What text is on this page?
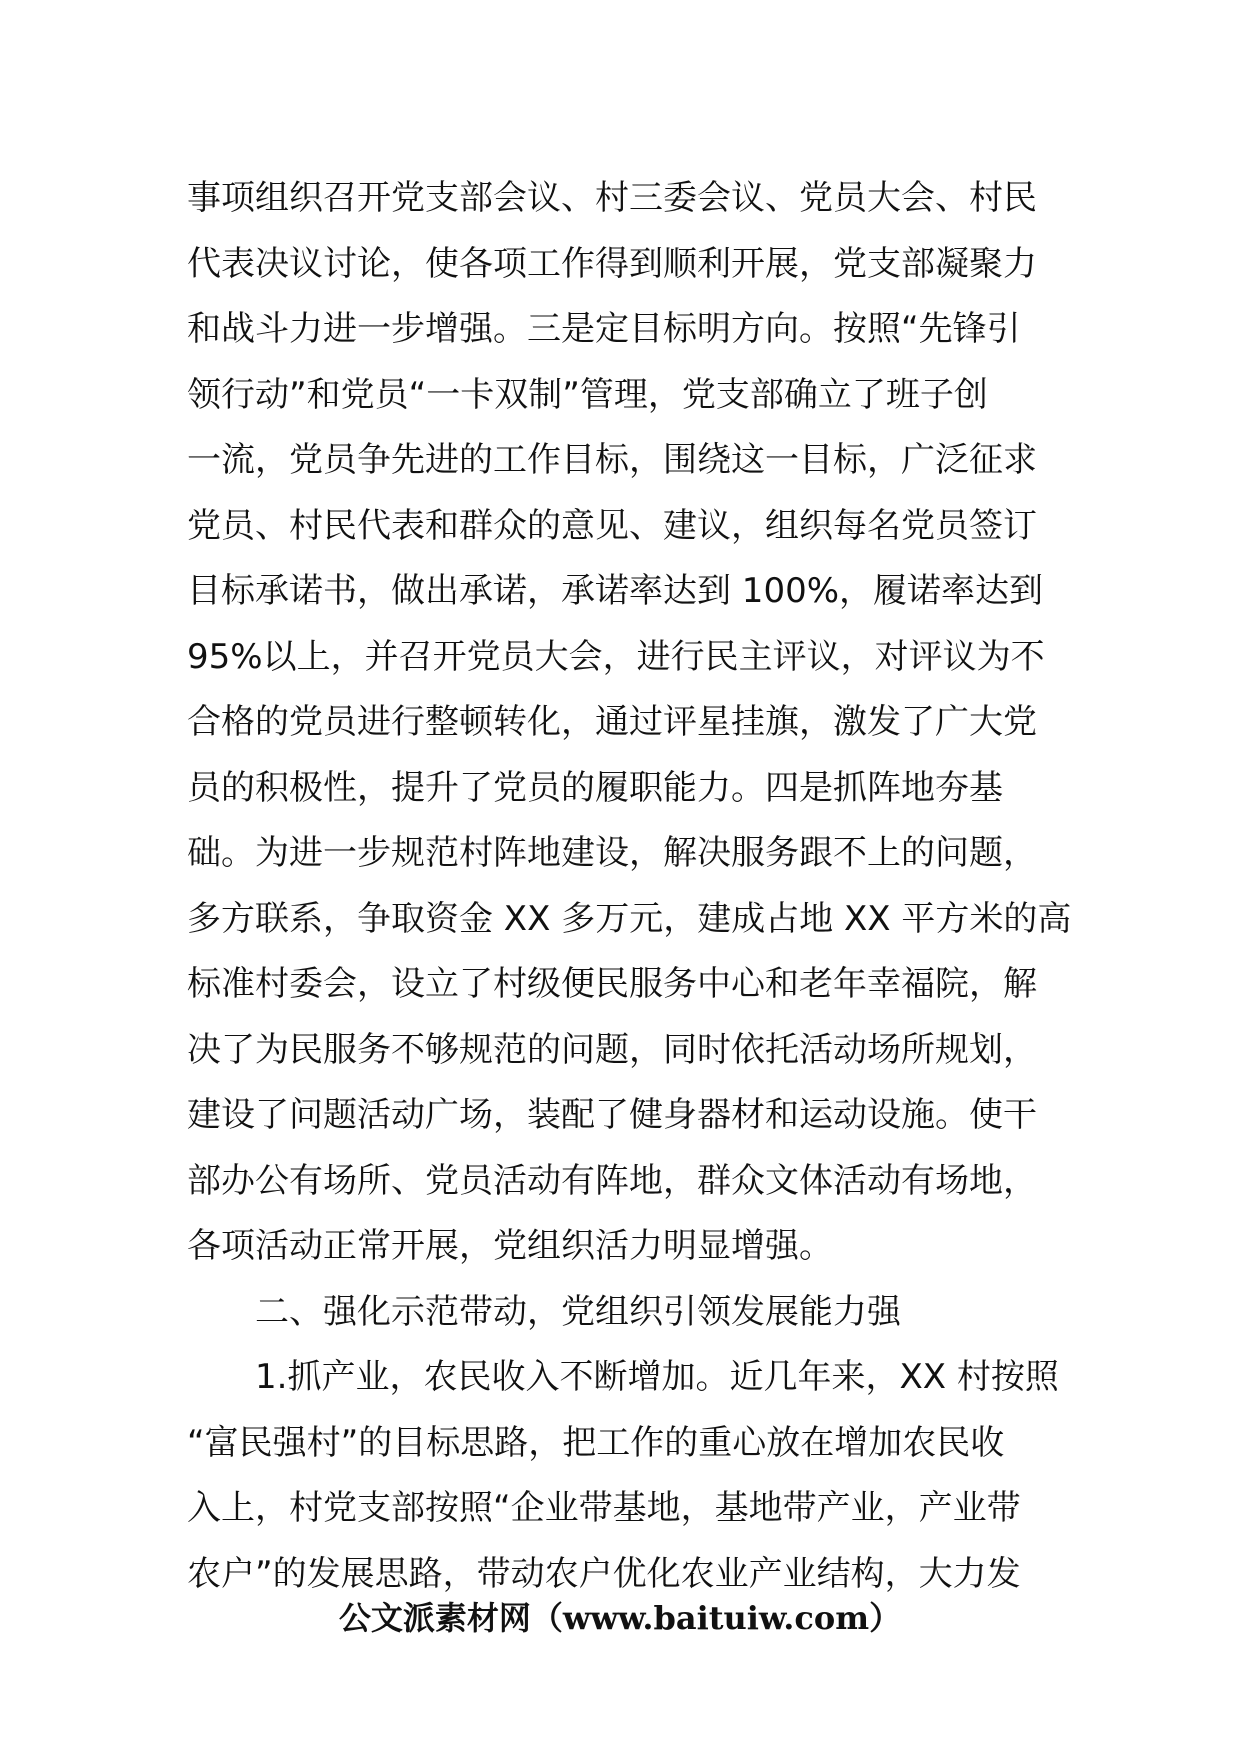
事项组织召开党支部会议、村三委会议、党员大会、村民
代表决议讨论，使各项工作得到顺利开展，党支部凝聚力
和战斗力进一步增强。三是定目标明方向。按照“先锋引
领行动”和党员“一卡双制”管理，党支部确立了班子创
一流，党员争先进的工作目标，围绕这一目标，广泛征求
党员、村民代表和群众的意见、建议，组织每名党员签订
目标承诺书，做出承诺，承诺率达到 100%，履诺率达到
95%以上，并召开党员大会，进行民主评议，对评议为不
合格的党员进行整顿转化，通过评星挂旗，激发了广大党
员的积极性，提升了党员的履职能力。四是抓阵地夯基
础。为进一步规范村阵地建设，解决服务跟不上的问题，
多方联系，争取资金 XX 多万元，建成占地 XX 平方米的高
标准村委会，设立了村级便民服务中心和老年幸福院，解
决了为民服务不够规范的问题，同时依托活动场所规划，
建设了问题活动广场，装配了健身器材和运动设施。使干
部办公有场所、党员活动有阵地，群众文体活动有场地，
各项活动正常开展，党组织活力明显增强。
二、强化示范带动，党组织引领发展能力强
1.抓产业，农民收入不断增加。近几年来，XX 村按照
“富民强村”的目标思路，把工作的重心放在增加农民收
入上，村党支部按照“企业带基地，基地带产业，产业带
农户”的发展思路，带动农户优化农业产业结构，大力发
公文派素材网（www.baituiw.com）
